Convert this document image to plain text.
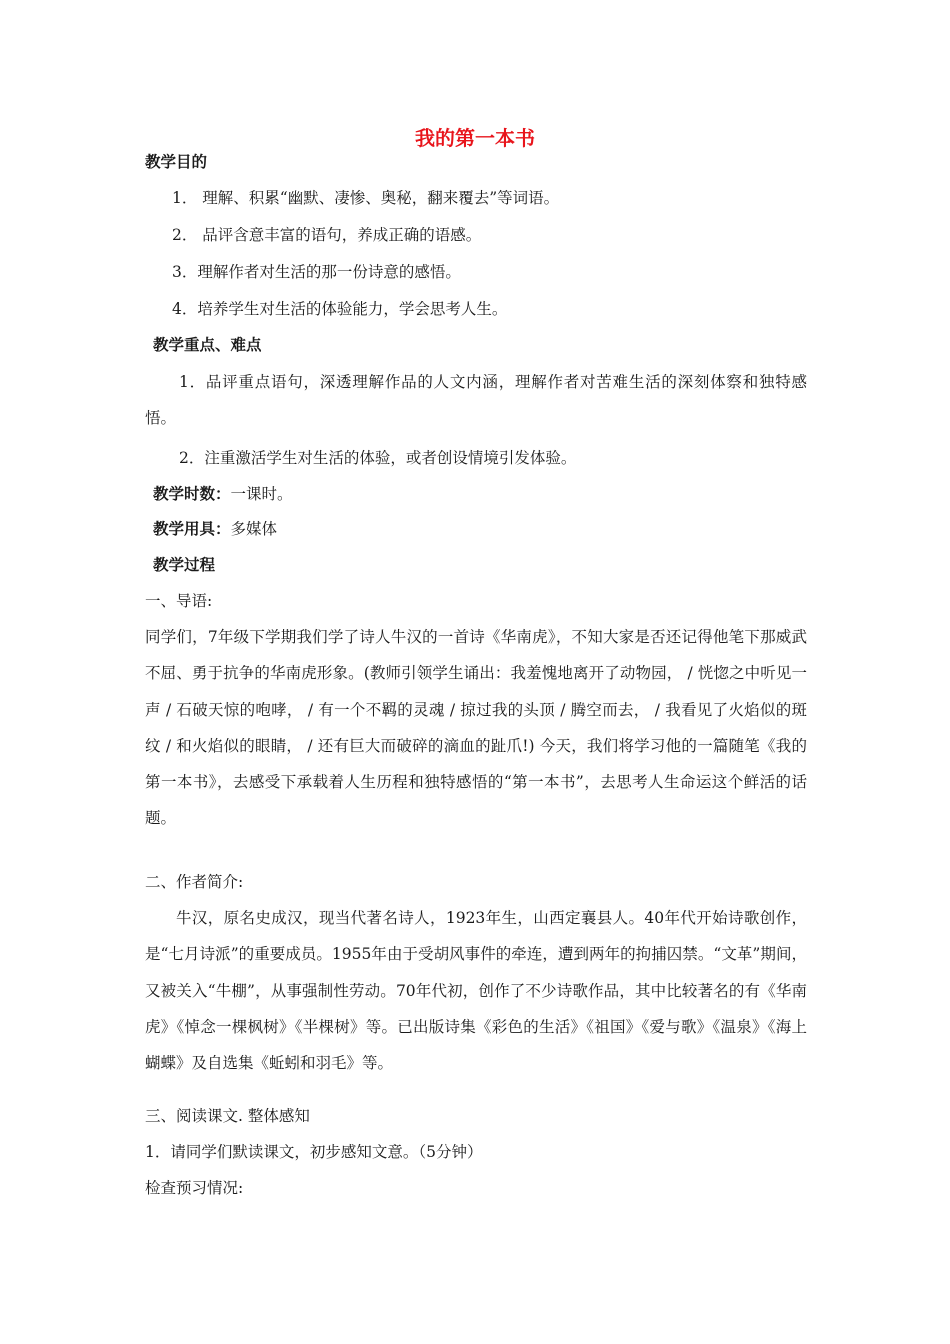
我的第一本书
教学目的
1． 理解、积累“幽默、凄惨、奥秘，翻来覆去”等词语。
2． 品评含意丰富的语句，养成正确的语感。
3．理解作者对生活的那一份诗意的感悟。
4．培养学生对生活的体验能力，学会思考人生。
教学重点、难点
1．品评重点语句，深透理解作品的人文内涵，理解作者对苦难生活的深刻体察和独特感悟。
2．注重激活学生对生活的体验，或者创设情境引发体验。
教学时数：一课时。
教学用具：多媒体
教学过程
一、导语:
同学们，7年级下学期我们学了诗人牛汉的一首诗《华南虎》，不知大家是否还记得他笔下那威武不屈、勇于抗争的华南虎形象。(教师引领学生诵出：我羞愧地离开了动物园， / 恍惚之中听见一声 / 石破天惊的咆哮， / 有一个不羁的灵魂 / 掠过我的头顶 / 腾空而去， / 我看见了火焰似的斑纹 / 和火焰似的眼睛， / 还有巨大而破碎的滴血的趾爪!) 今天，我们将学习他的一篇随笔《我的第一本书》，去感受下承载着人生历程和独特感悟的“第一本书”，去思考人生命运这个鲜活的话题。
二、作者简介:
牛汉，原名史成汉，现当代著名诗人，1923年生，山西定襄县人。40年代开始诗歌创作，是“七月诗派”的重要成员。1955年由于受胡风事件的牵连，遭到两年的拘捕囚禁。“文革”期间，又被关入“牛棚”，从事强制性劳动。70年代初，创作了不少诗歌作品，其中比较著名的有《华南虎》《悼念一棵枫树》《半棵树》等。已出版诗集《彩色的生活》《祖国》《爱与歌》《温泉》《海上蝴蝶》及自选集《蚯蚓和羽毛》等。
三、阅读课文. 整体感知
1．请同学们默读课文，初步感知文意。（5分钟）
检查预习情况:
